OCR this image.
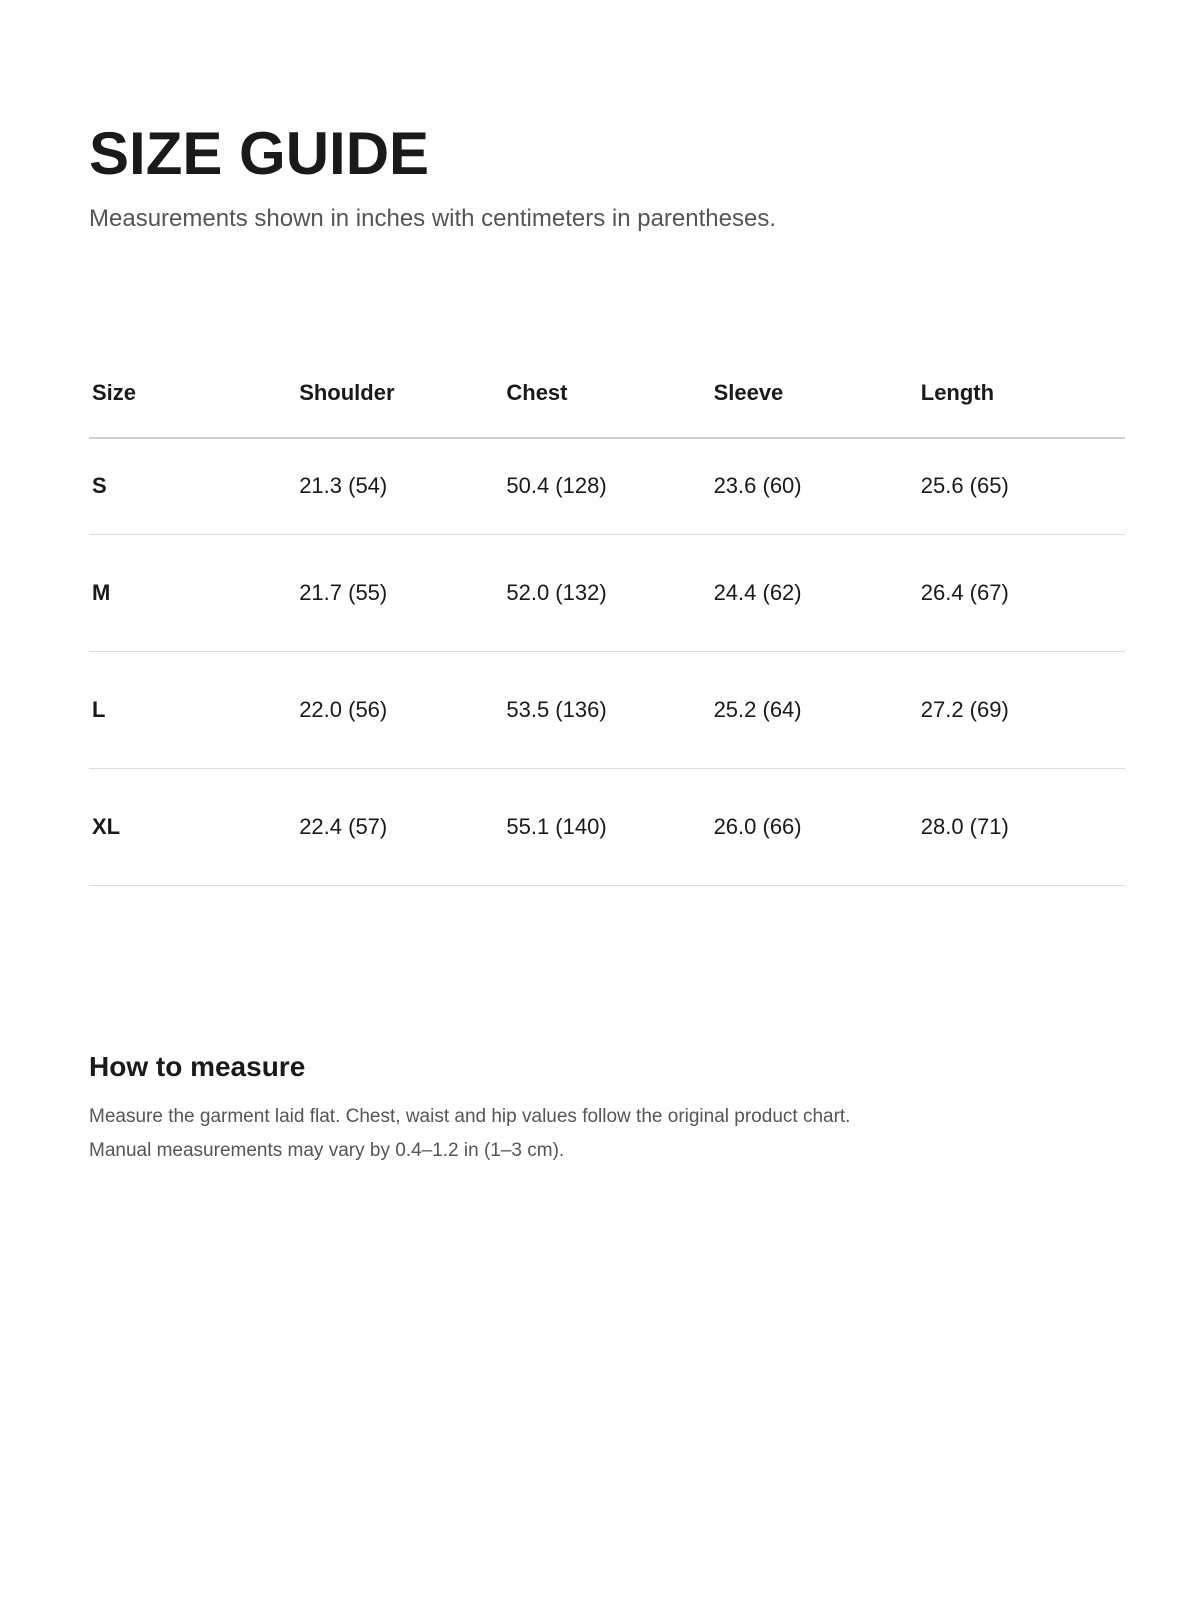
SIZE GUIDE

Measurements shown in inches with centimeters in parentheses.

Size	Shoulder	Chest	Sleeve	Length
S	21.3 (54)	50.4 (128)	23.6 (60)	25.6 (65)
M	21.7 (55)	52.0 (132)	24.4 (62)	26.4 (67)
L	22.0 (56)	53.5 (136)	25.2 (64)	27.2 (69)
XL	22.4 (57)	55.1 (140)	26.0 (66)	28.0 (71)
How to measure

Measure the garment laid flat. Chest, waist and hip values follow the original product chart.
Manual measurements may vary by 0.4–1.2 in (1–3 cm).
